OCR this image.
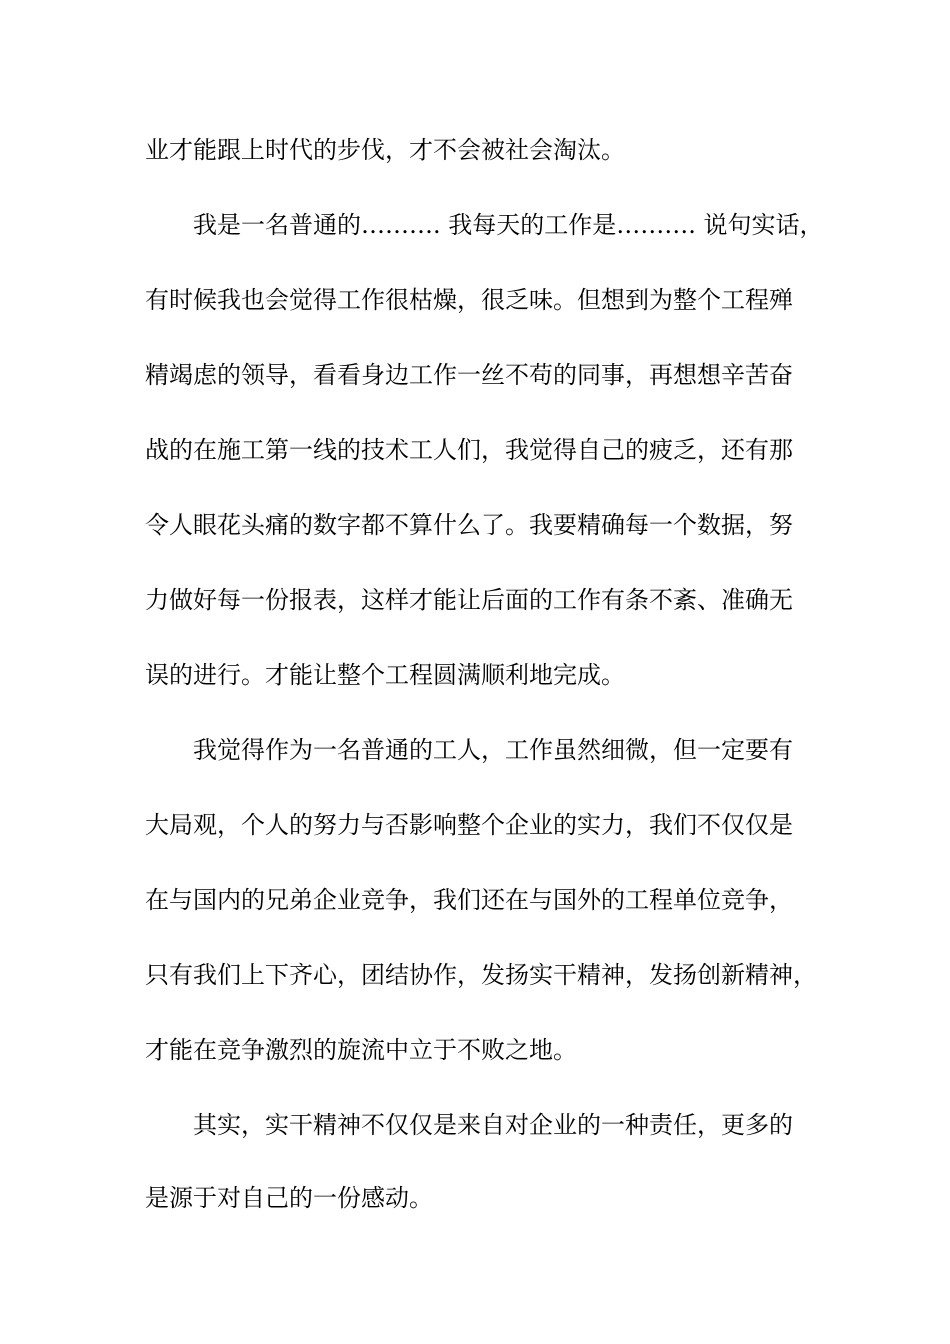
业才能跟上时代的步伐，才不会被社会淘汰。
我是一名普通的………. 我每天的工作是………. 说句实话，
有时候我也会觉得工作很枯燥，很乏味。但想到为整个工程殚
精竭虑的领导，看看身边工作一丝不苟的同事，再想想辛苦奋
战的在施工第一线的技术工人们，我觉得自己的疲乏，还有那
令人眼花头痛的数字都不算什么了。我要精确每一个数据，努
力做好每一份报表，这样才能让后面的工作有条不紊、准确无
误的进行。才能让整个工程圆满顺利地完成。
我觉得作为一名普通的工人，工作虽然细微，但一定要有
大局观，个人的努力与否影响整个企业的实力，我们不仅仅是
在与国内的兄弟企业竞争，我们还在与国外的工程单位竞争，
只有我们上下齐心，团结协作，发扬实干精神，发扬创新精神，
才能在竞争激烈的旋流中立于不败之地。
其实，实干精神不仅仅是来自对企业的一种责任，更多的
是源于对自己的一份感动。
